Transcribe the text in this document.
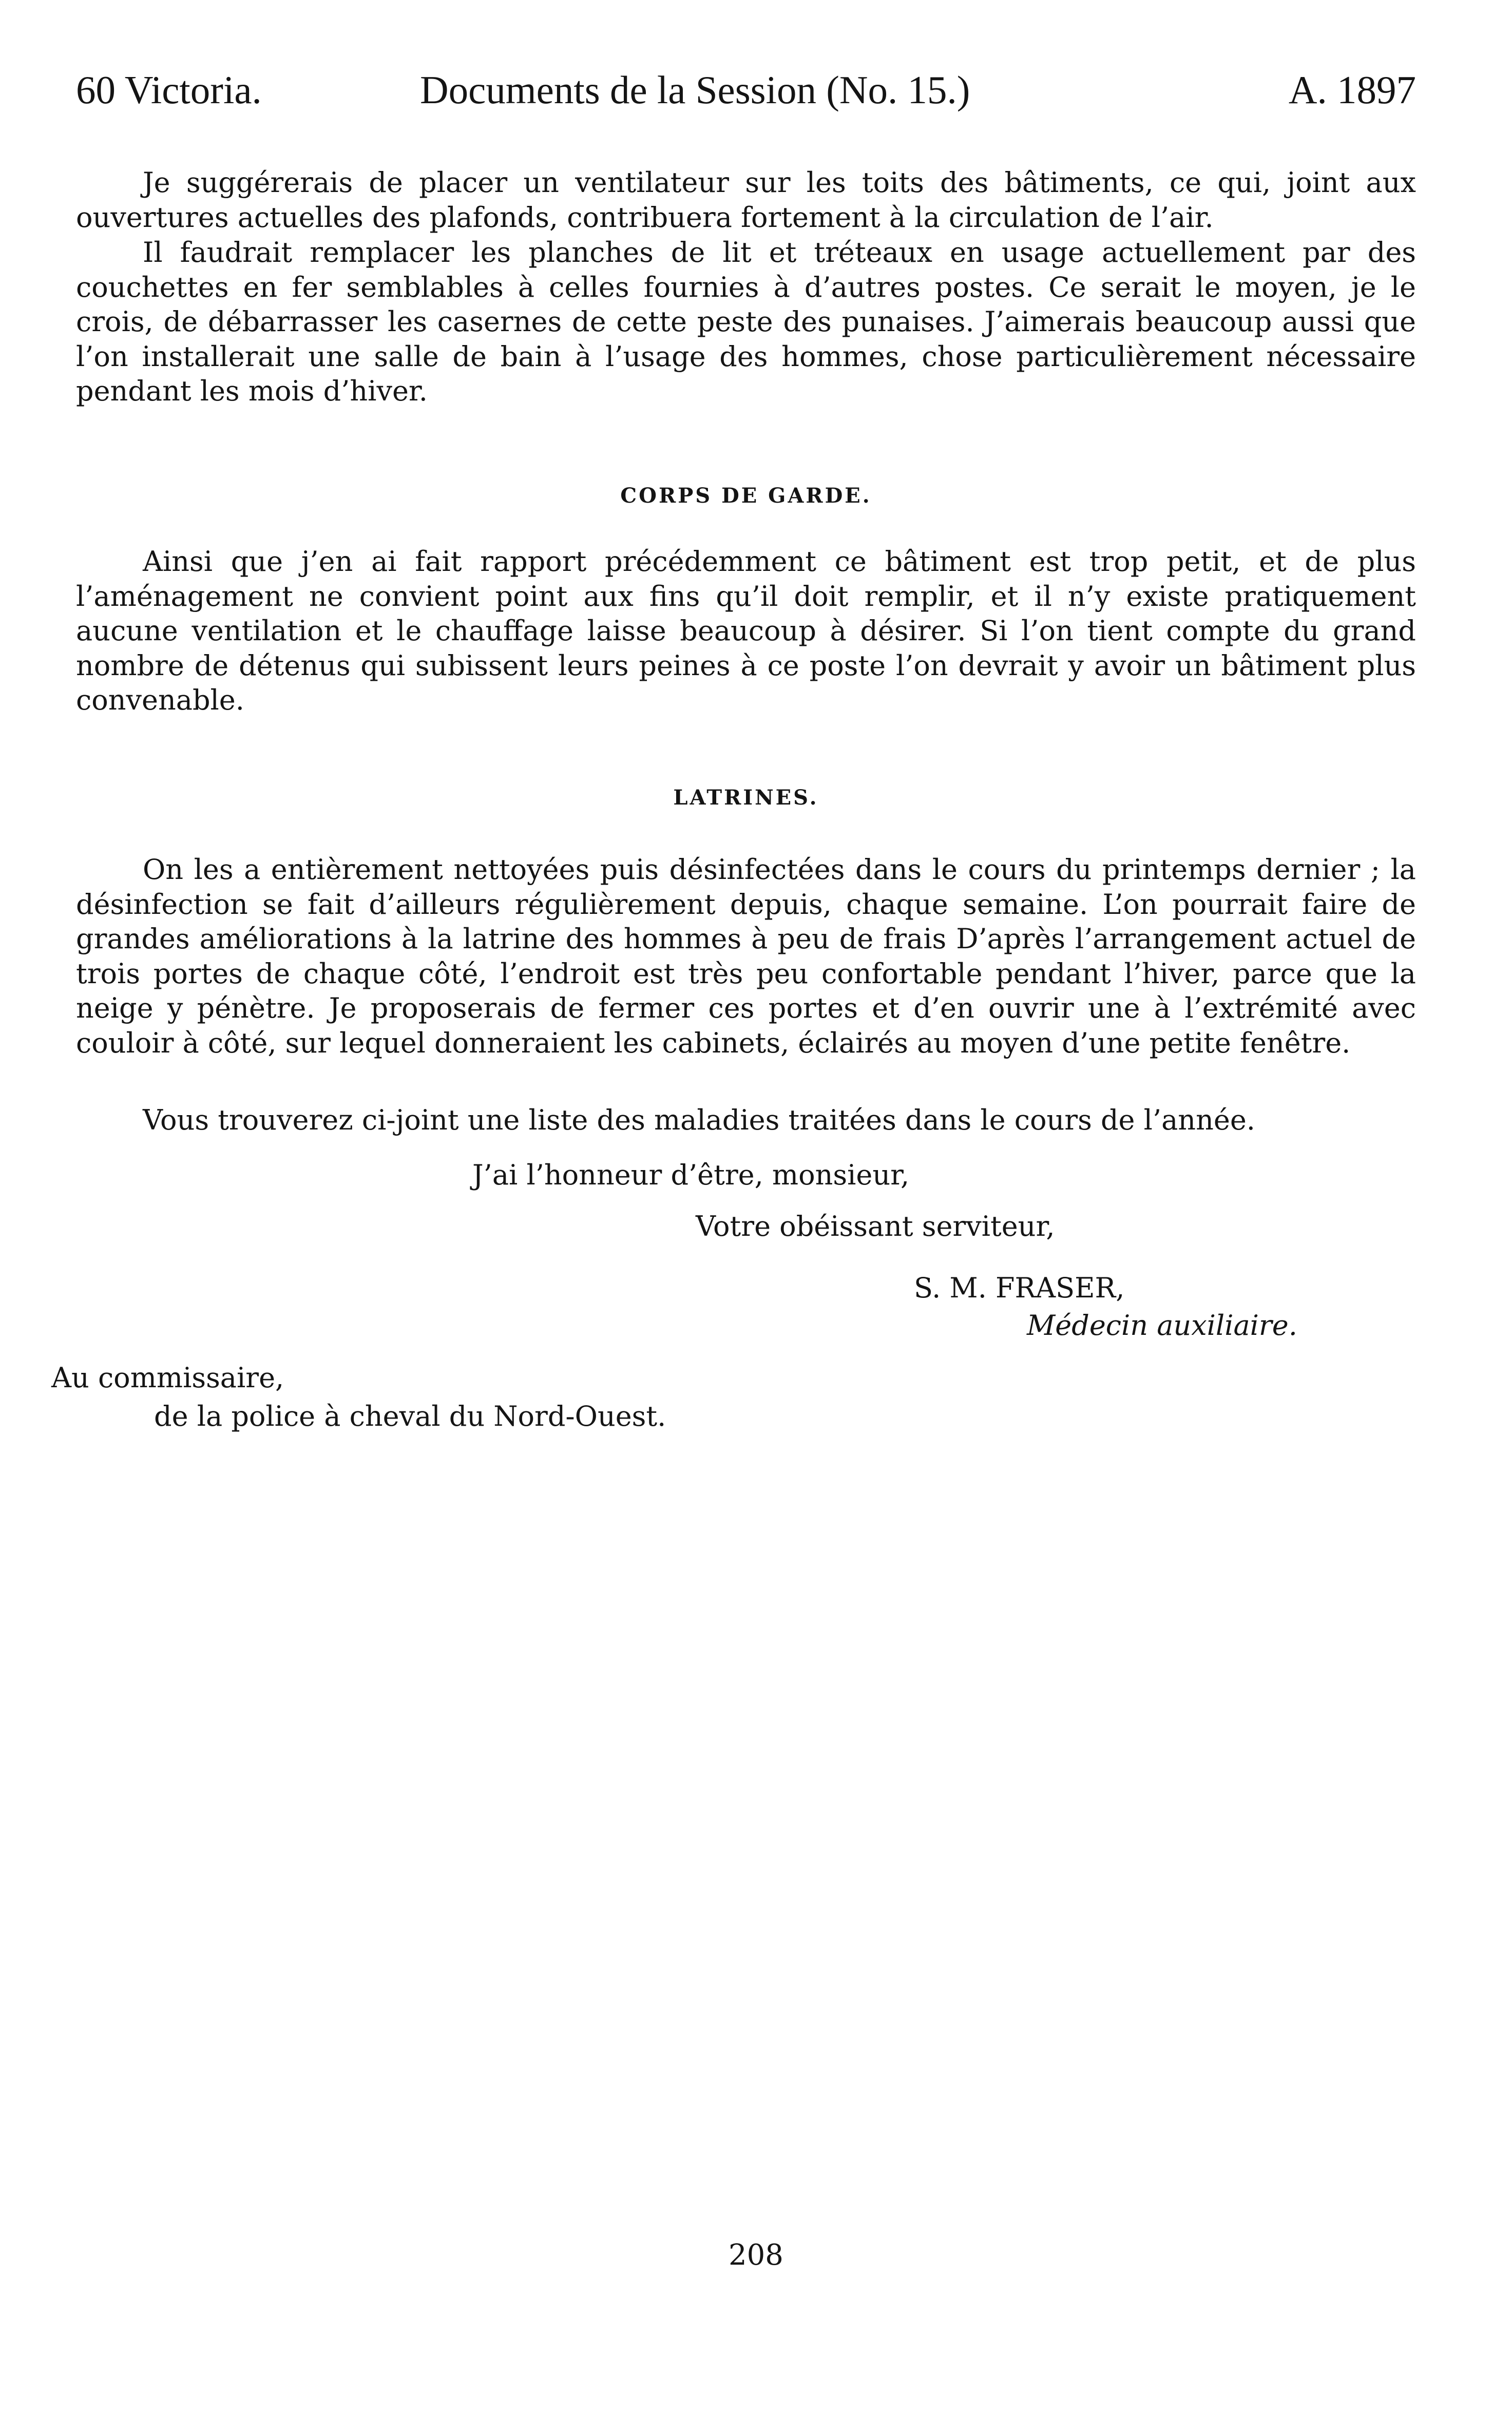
60 Victoria.	Documents de la Session (No. 15.)	A. 1897

Je suggérerais de placer un ventilateur sur les toits des bâtiments, ce qui, joint aux ouvertures actuelles des plafonds, contribuera fortement à la circulation de l’air.

Il faudrait remplacer les planches de lit et tréteaux en usage actuellement par des couchettes en fer semblables à celles fournies à d’autres postes. Ce serait le moyen, je le crois, de débarrasser les casernes de cette peste des punaises. J’aimerais beaucoup aussi que l’on installerait une salle de bain à l’usage des hommes, chose particulièrement nécessaire pendant les mois d’hiver.

CORPS DE GARDE.

Ainsi que j’en ai fait rapport précédemment ce bâtiment est trop petit, et de plus l’aménagement ne convient point aux fins qu’il doit remplir, et il n’y existe pratiquement aucune ventilation et le chauffage laisse beaucoup à désirer. Si l’on tient compte du grand nombre de détenus qui subissent leurs peines à ce poste l’on devrait y avoir un bâtiment plus convenable.

LATRINES.

On les a entièrement nettoyées puis désinfectées dans le cours du printemps dernier ; la désinfection se fait d’ailleurs régulièrement depuis, chaque semaine. L’on pourrait faire de grandes améliorations à la latrine des hommes à peu de frais D’après l’arrangement actuel de trois portes de chaque côté, l’endroit est très peu confortable pendant l’hiver, parce que la neige y pénètre. Je proposerais de fermer ces portes et d’en ouvrir une à l’extrémité avec couloir à côté, sur lequel donneraient les cabinets, éclairés au moyen d’une petite fenêtre.

Vous trouverez ci-joint une liste des maladies traitées dans le cours de l’année.

J’ai l’honneur d’être, monsieur,

Votre obéissant serviteur,

S. M. FRASER,

Médecin auxiliaire.

Au commissaire,

de la police à cheval du Nord-Ouest.

208
